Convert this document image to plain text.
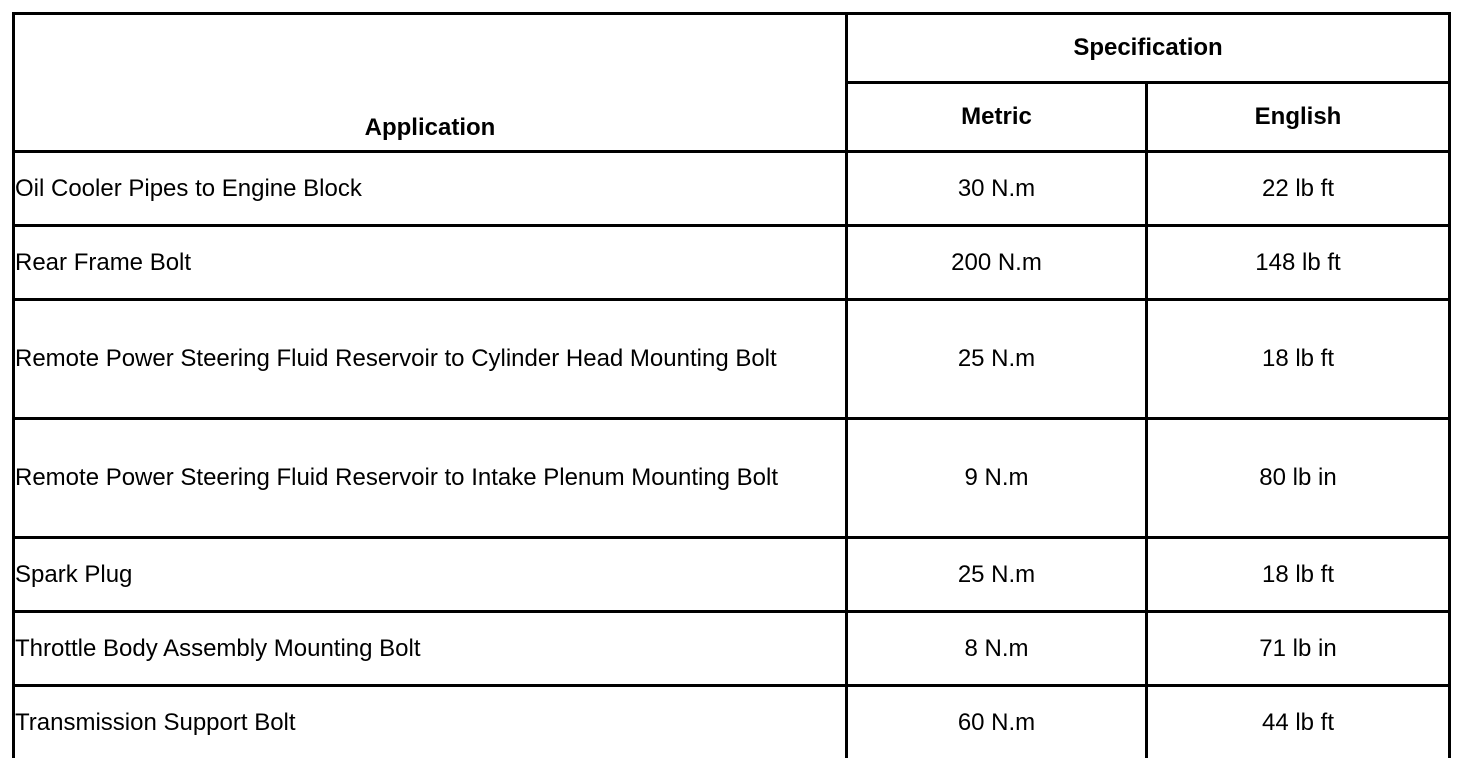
Application	Specification	
	Metric	English
Oil Cooler Pipes to Engine Block	30 N.m	22 lb ft
Rear Frame Bolt	200 N.m	148 lb ft
Remote Power Steering Fluid Reservoir to Cylinder Head Mounting Bolt	25 N.m	18 lb ft
Remote Power Steering Fluid Reservoir to Intake Plenum Mounting Bolt	9 N.m	80 lb in
Spark Plug	25 N.m	18 lb ft
Throttle Body Assembly Mounting Bolt	8 N.m	71 lb in
Transmission Support Bolt	60 N.m	44 lb ft
